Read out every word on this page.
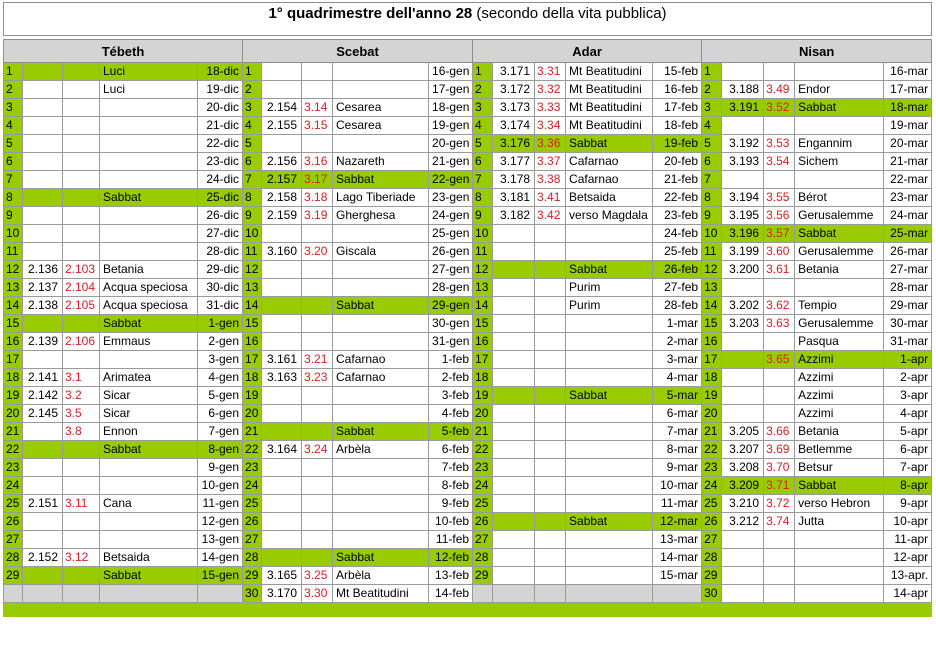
1° quadrimestre dell'anno 28 (secondo della vita pubblica)
Tébeth					Scebat					Adar					Nisan				
1			Luci	18-dic	1				16-gen	1	3.171	3.31	Mt Beatitudini	15-feb	1				16-mar
2			Luci	19-dic	2				17-gen	2	3.172	3.32	Mt Beatitudini	16-feb	2	3.188	3.49	Endor	17-mar
3				20-dic	3	2.154	3.14	Cesarea	18-gen	3	3.173	3.33	Mt Beatitudini	17-feb	3	3.191	3.52	Sabbat	18-mar
4				21-dic	4	2.155	3.15	Cesarea	19-gen	4	3.174	3.34	Mt Beatitudini	18-feb	4				19-mar
5				22-dic	5				20-gen	5	3.176	3.36	Sabbat	19-feb	5	3.192	3.53	Engannim	20-mar
6				23-dic	6	2.156	3.16	Nazareth	21-gen	6	3.177	3.37	Cafarnao	20-feb	6	3.193	3.54	Sichem	21-mar
7				24-dic	7	2.157	3.17	Sabbat	22-gen	7	3.178	3.38	Cafarnao	21-feb	7				22-mar
8			Sabbat	25-dic	8	2.158	3.18	Lago Tiberiade	23-gen	8	3.181	3.41	Betsaida	22-feb	8	3.194	3.55	Bérot	23-mar
9				26-dic	9	2.159	3.19	Gherghesa	24-gen	9	3.182	3.42	verso Magdala	23-feb	9	3.195	3.56	Gerusalemme	24-mar
10				27-dic	10				25-gen	10				24-feb	10	3.196	3.57	Sabbat	25-mar
11				28-dic	11	3.160	3.20	Giscala	26-gen	11				25-feb	11	3.199	3.60	Gerusalemme	26-mar
12	2.136	2.103	Betania	29-dic	12				27-gen	12			Sabbat	26-feb	12	3.200	3.61	Betania	27-mar
13	2.137	2.104	Acqua speciosa	30-dic	13				28-gen	13			Purim	27-feb	13				28-mar
14	2.138	2.105	Acqua speciosa	31-dic	14			Sabbat	29-gen	14			Purim	28-feb	14	3.202	3.62	Tempio	29-mar
15			Sabbat	1-gen	15				30-gen	15				1-mar	15	3.203	3.63	Gerusalemme	30-mar
16	2.139	2.106	Emmaus	2-gen	16				31-gen	16				2-mar	16			Pasqua	31-mar
17				3-gen	17	3.161	3.21	Cafarnao	1-feb	17				3-mar	17		3.65	Azzimi	1-apr
18	2.141	3.1	Arimatea	4-gen	18	3.163	3.23	Cafarnao	2-feb	18				4-mar	18			Azzimi	2-apr
19	2.142	3.2	Sicar	5-gen	19				3-feb	19			Sabbat	5-mar	19			Azzimi	3-apr
20	2.145	3.5	Sicar	6-gen	20				4-feb	20				6-mar	20			Azzimi	4-apr
21		3.8	Ennon	7-gen	21			Sabbat	5-feb	21				7-mar	21	3.205	3.66	Betania	5-apr
22			Sabbat	8-gen	22	3.164	3.24	Arbèla	6-feb	22				8-mar	22	3.207	3.69	Betlemme	6-apr
23				9-gen	23				7-feb	23				9-mar	23	3.208	3.70	Betsur	7-apr
24				10-gen	24				8-feb	24				10-mar	24	3.209	3.71	Sabbat	8-apr
25	2.151	3.11	Cana	11-gen	25				9-feb	25				11-mar	25	3.210	3.72	verso Hebron	9-apr
26				12-gen	26				10-feb	26			Sabbat	12-mar	26	3.212	3.74	Jutta	10-apr
27				13-gen	27				11-feb	27				13-mar	27				11-apr
28	2.152	3.12	Betsaida	14-gen	28			Sabbat	12-feb	28				14-mar	28				12-apr
29			Sabbat	15-gen	29	3.165	3.25	Arbèla	13-feb	29				15-mar	29				13-apr.
					30	3.170	3.30	Mt Beatitudini	14-feb						30				14-apr
